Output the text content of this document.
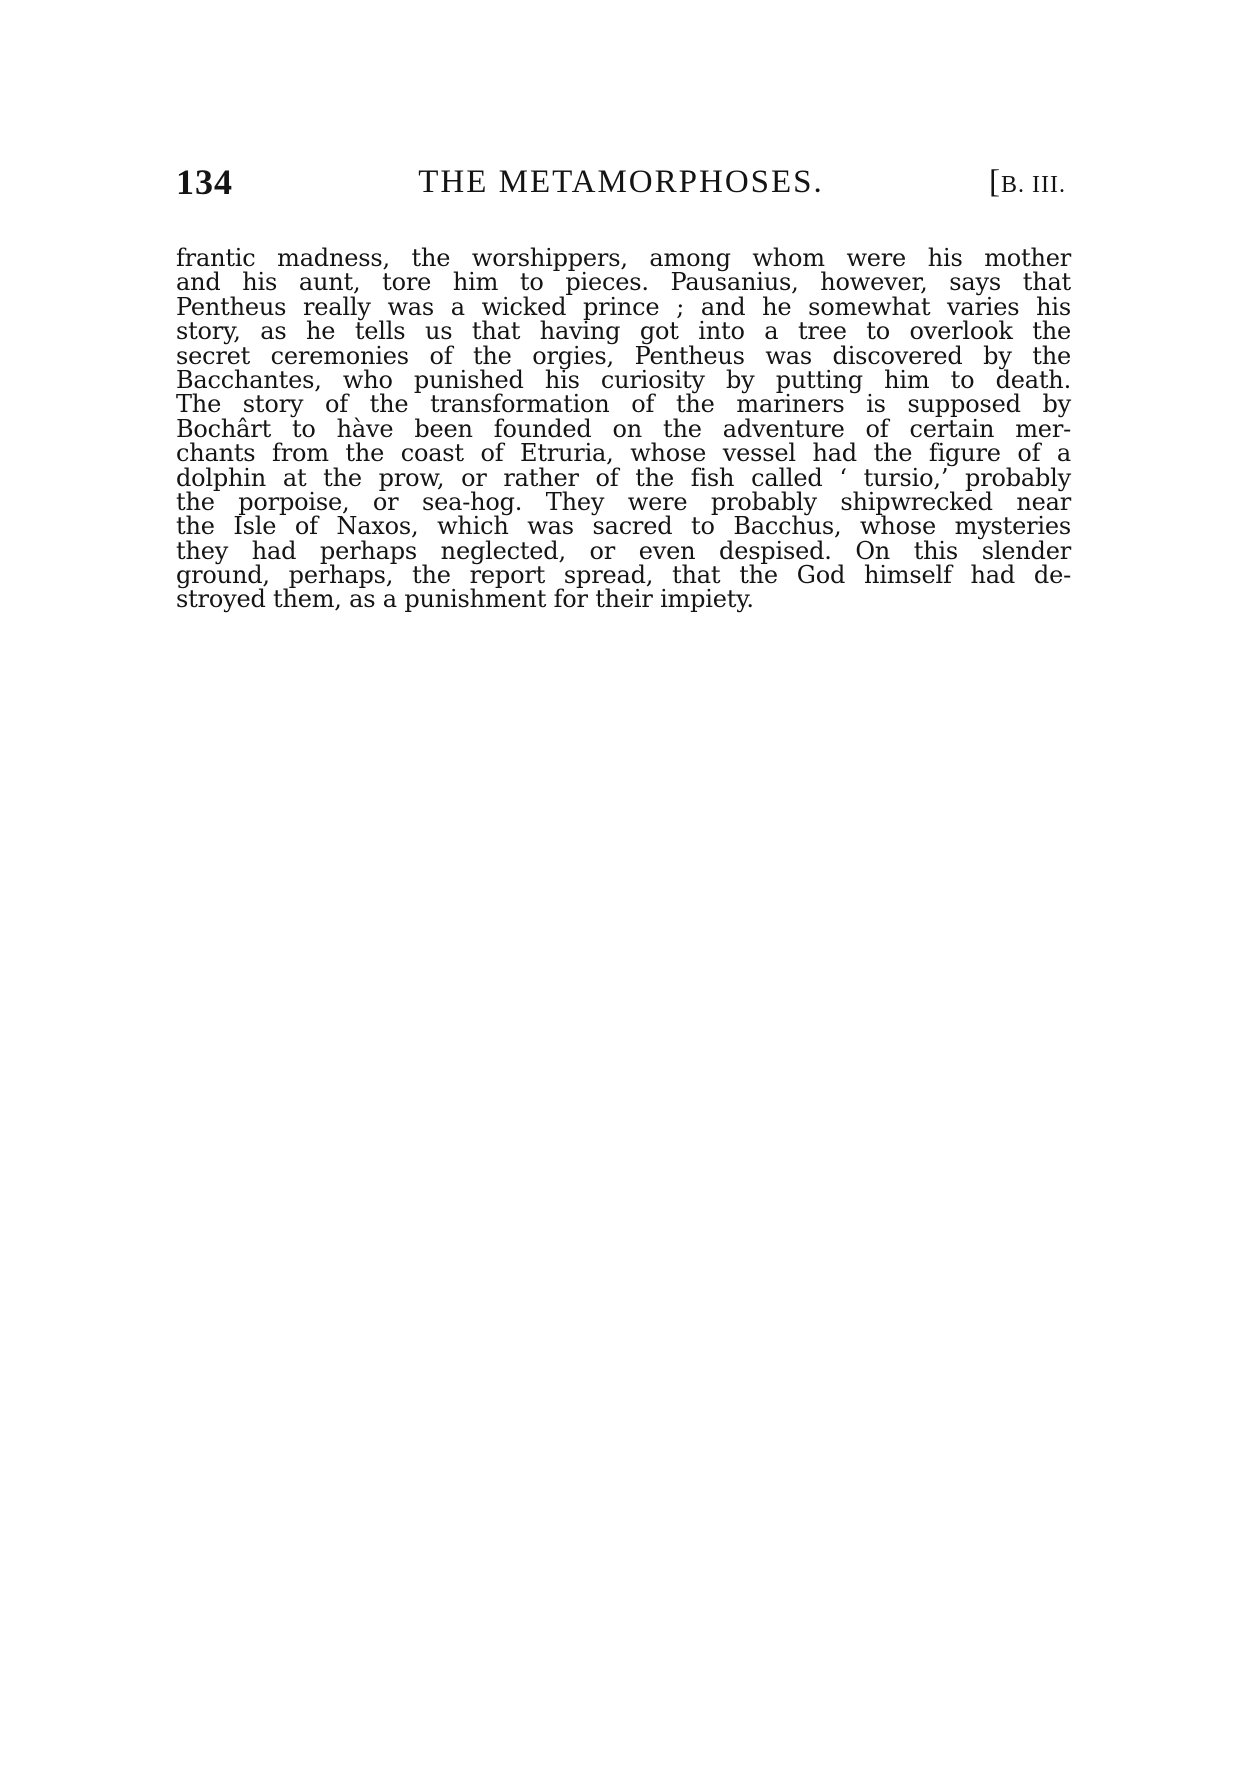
134	THE METAMORPHOSES.	[B. III.
frantic madness, the worshippers, among whom were his mother
and his aunt, tore him to pieces. Pausanius, however, says that
Pentheus really was a wicked prince ; and he somewhat varies his
story, as he tells us that having got into a tree to overlook the
secret ceremonies of the orgies, Pentheus was discovered by the
Bacchantes, who punished his curiosity by putting him to death.
The story of the transformation of the mariners is supposed by
Bochârt to hàve been founded on the adventure of certain mer-
chants from the coast of Etruria, whose vessel had the figure of a
dolphin at the prow, or rather of the fish called ‘ tursio,’ probably
the porpoise, or sea-hog. They were probably shipwrecked near
the Isle of Naxos, which was sacred to Bacchus, whose mysteries
they had perhaps neglected, or even despised. On this slender
ground, perhaps, the report spread, that the God himself had de-
stroyed them, as a punishment for their impiety.
